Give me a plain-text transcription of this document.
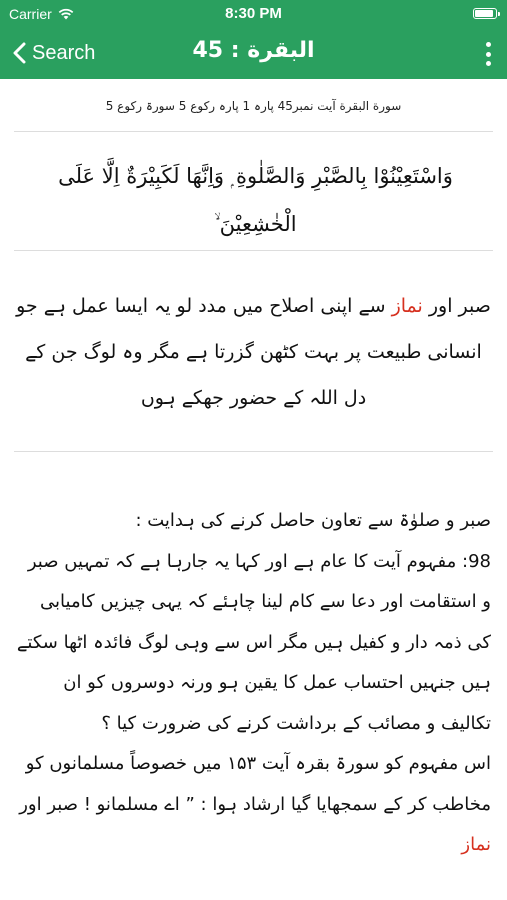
Carrier	8:30 PM
Search	البقرة : 45
سورة البقرة آیت نمبر45 پارہ 1 پارہ رکوع 5 سورۃ رکوع 5
وَاسْتَعِيْنُوْا بِالصَّبْرِ وَالصَّلٰوةِ ۭ وَاِنَّهَا لَكَبِيْرَةٌ اِلَّا عَلَى الْخٰشِعِيْنَ ۙ
صبر اور نماز سے اپنی اصلاح میں مدد لو یہ ایسا عمل ہے جو انسانی طبیعت پر بہت کٹھن گزرتا ہے مگر وہ لوگ جن کے دل اللہ کے حضور جھکے ہوں
صبر و صلوٰۃ سے تعاون حاصل کرنے کی ہدایت :
98: مفہوم آیت کا عام ہے اور کہا یہ جارہا ہے کہ تمہیں صبر و استقامت اور دعا سے کام لینا چاہئے کہ یہی چیزیں کامیابی کی ذمہ دار و کفیل ہیں مگر اس سے وہی لوگ فائدہ اٹھا سکتے ہیں جنہیں احتساب عمل کا یقین ہو ورنہ دوسروں کو ان تکالیف و مصائب کے برداشت کرنے کی ضرورت کیا ؟
اس مفہوم کو سورۃ بقرہ آیت ۱۵۳ میں خصوصاً مسلمانوں کو مخاطب کر کے سمجھایا گیا ارشاد ہوا : ” اے مسلمانو ! صبر اور نماز
